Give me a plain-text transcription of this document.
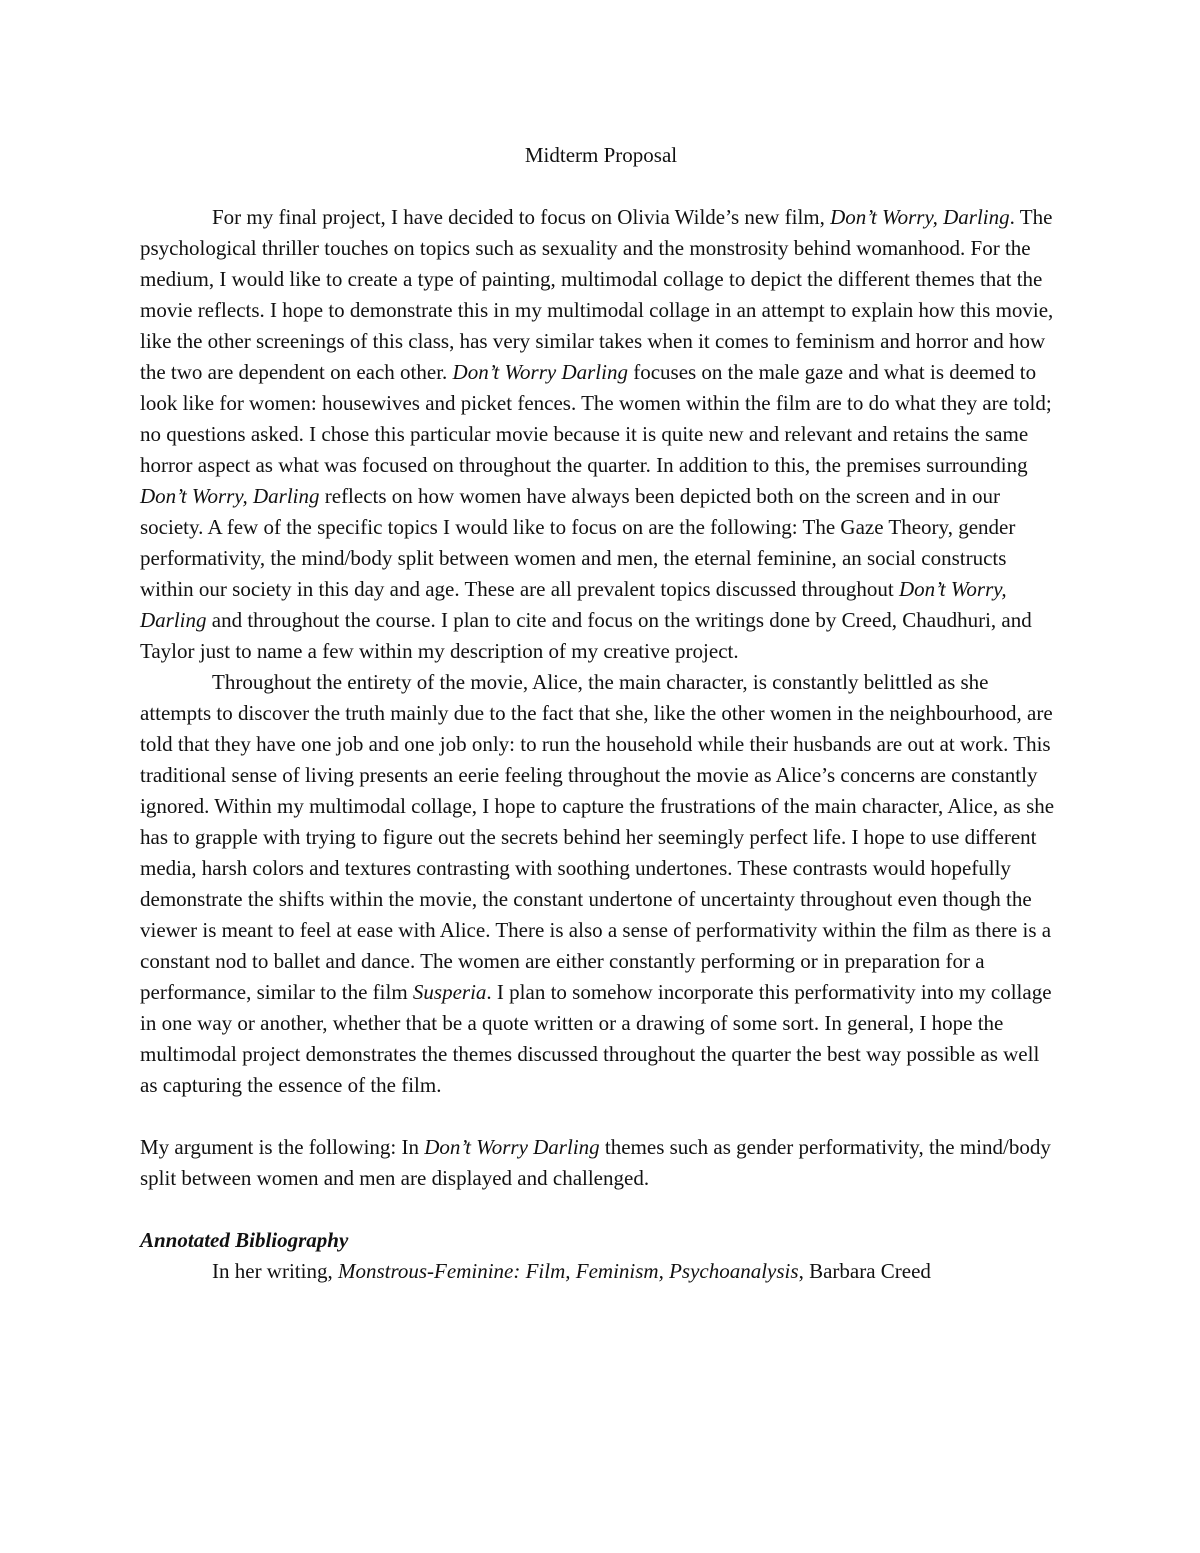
Midterm Proposal

For my final project, I have decided to focus on Olivia Wilde’s new film, Don’t Worry, Darling. The psychological thriller touches on topics such as sexuality and the monstrosity behind womanhood. For the medium, I would like to create a type of painting, multimodal collage to depict the different themes that the movie reflects. I hope to demonstrate this in my multimodal collage in an attempt to explain how this movie, like the other screenings of this class, has very similar takes when it comes to feminism and horror and how the two are dependent on each other. Don’t Worry Darling focuses on the male gaze and what is deemed to look like for women: housewives and picket fences. The women within the film are to do what they are told; no questions asked. I chose this particular movie because it is quite new and relevant and retains the same horror aspect as what was focused on throughout the quarter. In addition to this, the premises surrounding Don’t Worry, Darling reflects on how women have always been depicted both on the screen and in our society. A few of the specific topics I would like to focus on are the following: The Gaze Theory, gender performativity, the mind/body split between women and men, the eternal feminine, an social constructs within our society in this day and age. These are all prevalent topics discussed throughout Don’t Worry, Darling and throughout the course. I plan to cite and focus on the writings done by Creed, Chaudhuri, and Taylor just to name a few within my description of my creative project.

Throughout the entirety of the movie, Alice, the main character, is constantly belittled as she attempts to discover the truth mainly due to the fact that she, like the other women in the neighbourhood, are told that they have one job and one job only: to run the household while their husbands are out at work. This traditional sense of living presents an eerie feeling throughout the movie as Alice’s concerns are constantly ignored. Within my multimodal collage, I hope to capture the frustrations of the main character, Alice, as she has to grapple with trying to figure out the secrets behind her seemingly perfect life. I hope to use different media, harsh colors and textures contrasting with soothing undertones. These contrasts would hopefully demonstrate the shifts within the movie, the constant undertone of uncertainty throughout even though the viewer is meant to feel at ease with Alice. There is also a sense of performativity within the film as there is a constant nod to ballet and dance. The women are either constantly performing or in preparation for a performance, similar to the film Susperia. I plan to somehow incorporate this performativity into my collage in one way or another, whether that be a quote written or a drawing of some sort. In general, I hope the multimodal project demonstrates the themes discussed throughout the quarter the best way possible as well as capturing the essence of the film.

My argument is the following: In Don’t Worry Darling themes such as gender performativity, the mind/body split between women and men are displayed and challenged.

Annotated Bibliography

In her writing, Monstrous-Feminine: Film, Feminism, Psychoanalysis, Barbara Creed
